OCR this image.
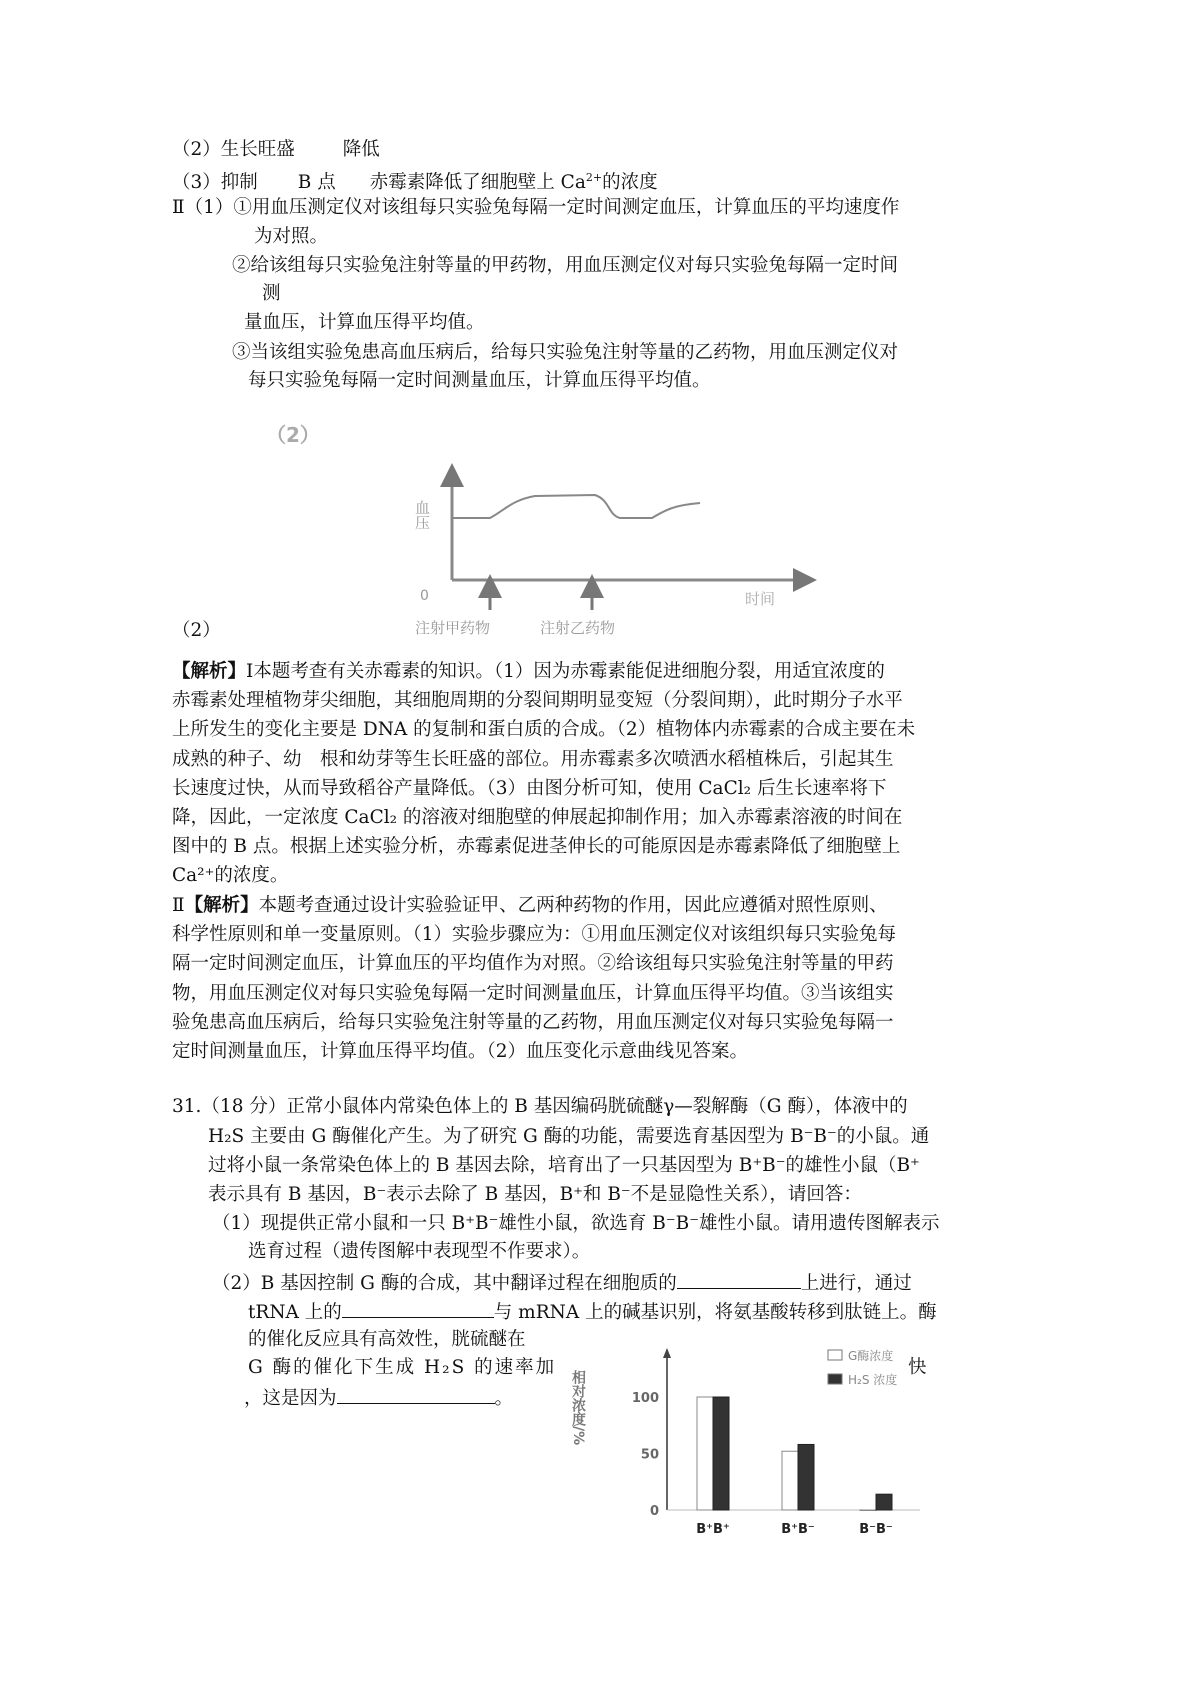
（2）生长旺盛	降低
（3）抑制 B 点 赤霉素降低了细胞壁上 $Ca^{2+}$的浓度
Ⅱ（1）①用血压测定仪对该组每只实验兔每隔一定时间测定血压，计算血压的平均速度作
为对照。
②给该组每只实验兔注射等量的甲药物，用血压测定仪对每只实验兔每隔一定时间
测
量血压，计算血压得平均值。
③当该组实验兔患高血压病后，给每只实验兔注射等量的乙药物，用血压测定仪对
每只实验兔每隔一定时间测量血压，计算血压得平均值。
（2）
血压
0	时间
注射甲药物	注射乙药物
（2）
【解析】Ⅰ本题考查有关赤霉素的知识。（1）因为赤霉素能促进细胞分裂，用适宜浓度的
赤霉素处理植物芽尖细胞，其细胞周期的分裂间期明显变短（分裂间期），此时期分子水平
上所发生的变化主要是 DNA 的复制和蛋白质的合成。（2）植物体内赤霉素的合成主要在未
成熟的种子、幼　根和幼芽等生长旺盛的部位。用赤霉素多次喷洒水稻植株后，引起其生
长速度过快，从而导致稻谷产量降低。（3）由图分析可知，使用 CaCl₂ 后生长速率将下
降，因此，一定浓度 CaCl₂ 的溶液对细胞壁的伸展起抑制作用；加入赤霉素溶液的时间在
图中的 B 点。根据上述实验分析，赤霉素促进茎伸长的可能原因是赤霉素降低了细胞壁上
Ca²⁺的浓度。
Ⅱ【解析】本题考查通过设计实验验证甲、乙两种药物的作用，因此应遵循对照性原则、
科学性原则和单一变量原则。（1）实验步骤应为：①用血压测定仪对该组织每只实验兔每
隔一定时间测定血压，计算血压的平均值作为对照。②给该组每只实验兔注射等量的甲药
物，用血压测定仪对每只实验兔每隔一定时间测量血压，计算血压得平均值。③当该组实
验兔患高血压病后，给每只实验兔注射等量的乙药物，用血压测定仪对每只实验兔每隔一
定时间测量血压，计算血压得平均值。（2）血压变化示意曲线见答案。
31.（18 分）正常小鼠体内常染色体上的 B 基因编码胱硫醚γ—裂解酶（G 酶），体液中的
H₂S 主要由 G 酶催化产生。为了研究 G 酶的功能，需要选育基因型为 B⁻B⁻的小鼠。通
过将小鼠一条常染色体上的 B 基因去除，培育出了一只基因型为 B⁺B⁻的雄性小鼠（B⁺
表示具有 B 基因，B⁻表示去除了 B 基因，B⁺和 B⁻不是显隐性关系），请回答：
（1）现提供正常小鼠和一只 B⁺B⁻雄性小鼠，欲选育 B⁻B⁻雄性小鼠。请用遗传图解表示
选育过程（遗传图解中表现型不作要求）。
（2）B 基因控制 G 酶的合成，其中翻译过程在细胞质的	上进行，通过
tRNA 上的	与 mRNA 上的碱基识别，将氨基酸转移到肽链上。酶
的催化反应具有高效性，胱硫醚在
G 酶的催化下生成 H₂S 的速率加	快
，这是因为	。	相对浓度/%
0
50
100
B⁺B⁺	B⁺B⁻	B⁻B⁻
G酶浓度
H₂S 浓度
